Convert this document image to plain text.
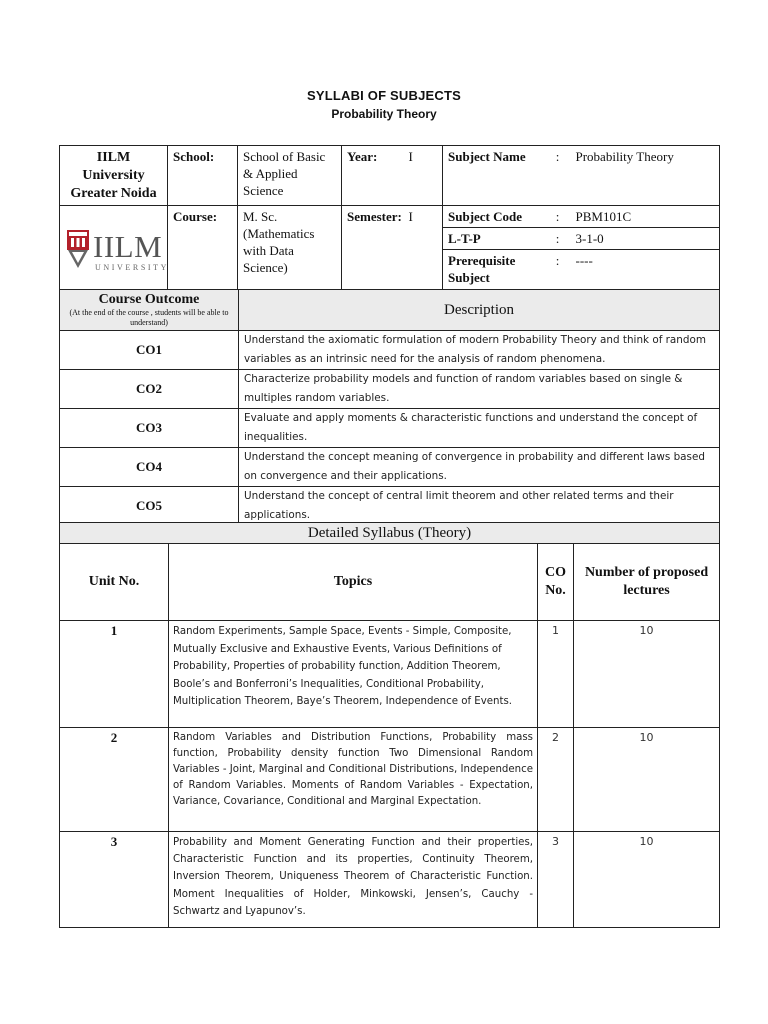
SYLLABI OF SUBJECTS
Probability Theory
IILM
University
Greater Noida	School:	School of Basic & Applied Science	Year:	I	Subject Name	:	Probability Theory

IILM
UNIVERSITY	Course:	M. Sc. (Mathematics with Data Science)	Semester:	I	Subject Code	:	PBM101C
					L-T-P	:	3-1-0
					Prerequisite Subject	:	----
Course Outcome
(At the end of the course , students will be able to understand)	Description
CO1	Understand the axiomatic formulation of modern Probability Theory and think of random variables as an intrinsic need for the analysis of random phenomena.
CO2	Characterize probability models and function of random variables based on single & multiples random variables.
CO3	Evaluate and apply moments & characteristic functions and understand the concept of inequalities.
CO4	Understand the concept meaning of convergence in probability and different laws based on convergence and their applications.
CO5	Understand the concept of central limit theorem and other related terms and their applications.
Detailed Syllabus (Theory)			
Unit No.	Topics	CO No.	Number of proposed lectures
1	Random Experiments, Sample Space, Events - Simple, Composite, Mutually Exclusive and Exhaustive Events, Various Definitions of Probability, Properties of probability function, Addition Theorem, Boole’s and Bonferroni’s Inequalities, Conditional Probability, Multiplication Theorem, Baye’s Theorem, Independence of Events.	1	10
2	Random Variables and Distribution Functions, Probability mass function, Probability density function Two Dimensional Random Variables - Joint, Marginal and Conditional Distributions, Independence of Random Variables. Moments of Random Variables - Expectation, Variance, Covariance, Conditional and Marginal Expectation.	2	10
3	Probability and Moment Generating Function and their properties, Characteristic Function and its properties, Continuity Theorem, Inversion Theorem, Uniqueness Theorem of Characteristic Function. Moment Inequalities of Holder, Minkowski, Jensen’s, Cauchy - Schwartz and Lyapunov’s.	3	10
